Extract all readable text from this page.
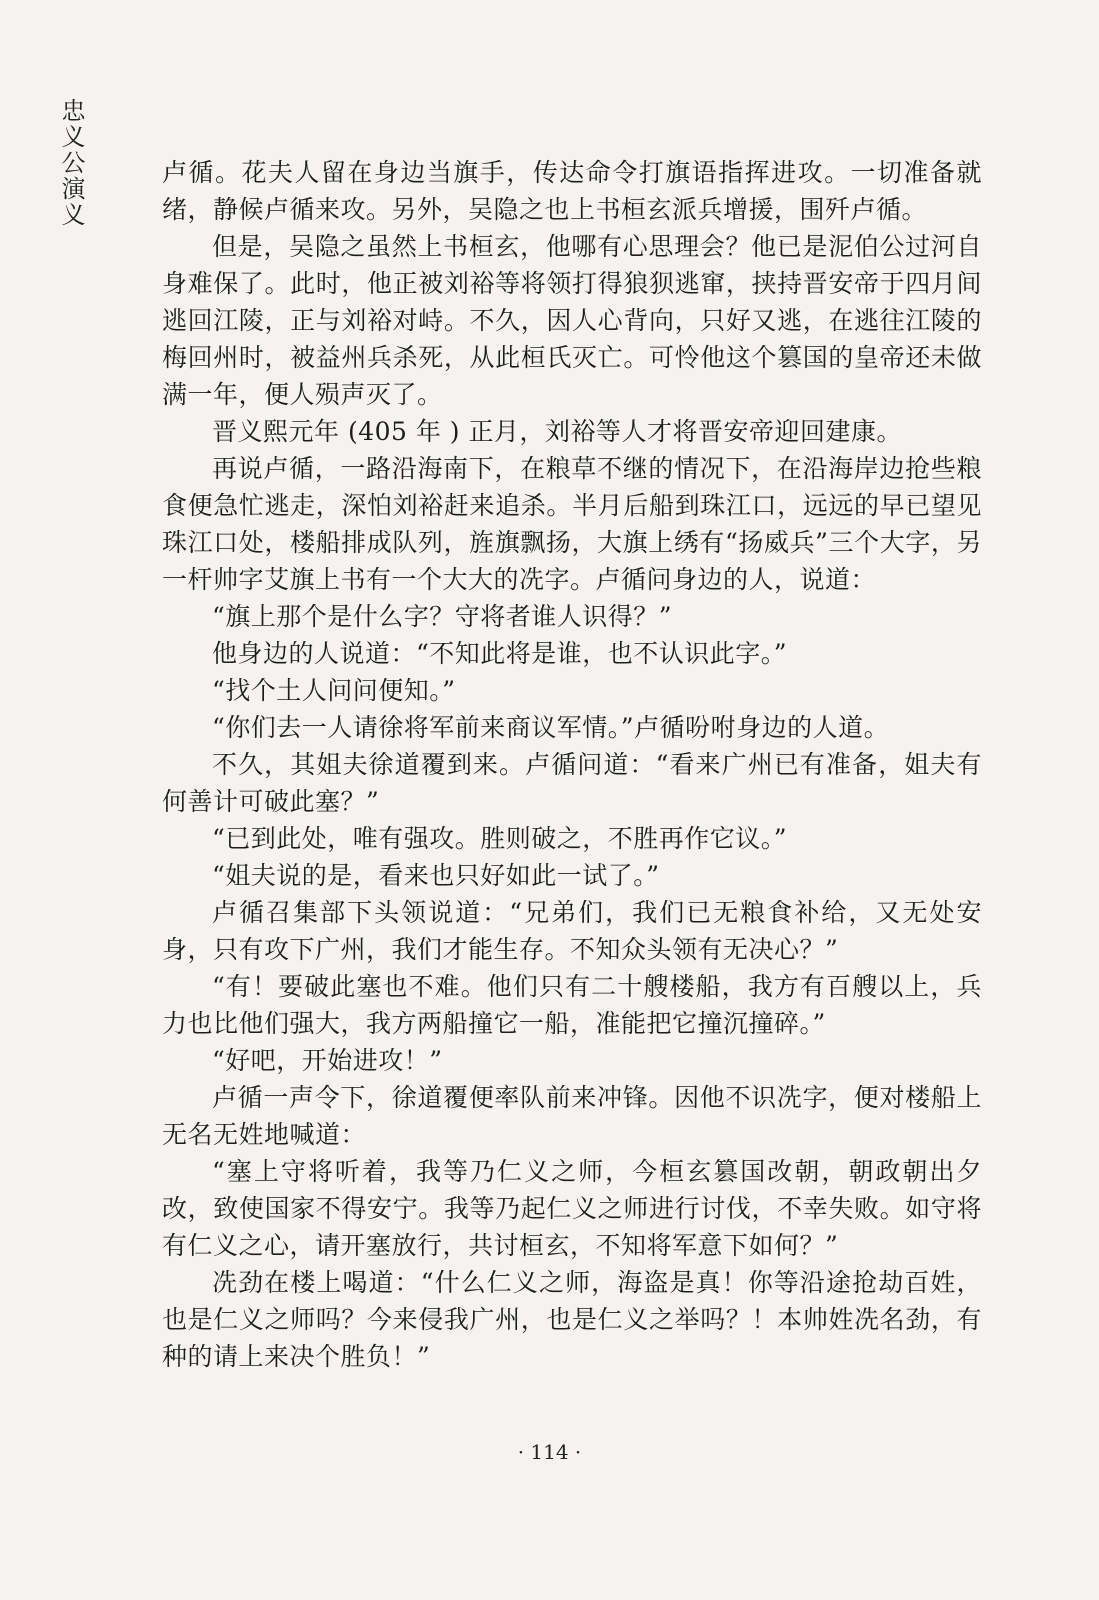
忠义公演义	卢循。花夫人留在身边当旗手，传达命令打旗语指挥进攻。一切准备就绪，静候卢循来攻。另外，吴隐之也上书桓玄派兵增援，围歼卢循。

但是，吴隐之虽然上书桓玄，他哪有心思理会？他已是泥伯公过河自身难保了。此时，他正被刘裕等将领打得狼狈逃窜，挟持晋安帝于四月间逃回江陵，正与刘裕对峙。不久，因人心背向，只好又逃，在逃往江陵的梅回州时，被益州兵杀死，从此桓氏灭亡。可怜他这个篡国的皇帝还未做满一年，便人殒声灭了。

晋义熙元年 (405 年 ) 正月，刘裕等人才将晋安帝迎回建康。

再说卢循，一路沿海南下，在粮草不继的情况下，在沿海岸边抢些粮食便急忙逃走，深怕刘裕赶来追杀。半月后船到珠江口，远远的早已望见珠江口处，楼船排成队列，旌旗飘扬，大旗上绣有“扬威兵”三个大字，另一杆帅字艾旗上书有一个大大的冼字。卢循问身边的人，说道：

“旗上那个是什么字？守将者谁人识得？”

他身边的人说道：“不知此将是谁，也不认识此字。”

“找个土人问问便知。”

“你们去一人请徐将军前来商议军情。”卢循吩咐身边的人道。

不久，其姐夫徐道覆到来。卢循问道：“看来广州已有准备，姐夫有何善计可破此塞？”

“已到此处，唯有强攻。胜则破之，不胜再作它议。”

“姐夫说的是，看来也只好如此一试了。”

卢循召集部下头领说道：“兄弟们，我们已无粮食补给，又无处安身，只有攻下广州，我们才能生存。不知众头领有无决心？”

“有！要破此塞也不难。他们只有二十艘楼船，我方有百艘以上，兵力也比他们强大，我方两船撞它一船，准能把它撞沉撞碎。”

“好吧，开始进攻！”

卢循一声令下，徐道覆便率队前来冲锋。因他不识冼字，便对楼船上无名无姓地喊道：

“塞上守将听着，我等乃仁义之师，今桓玄篡国改朝，朝政朝出夕改，致使国家不得安宁。我等乃起仁义之师进行讨伐，不幸失败。如守将有仁义之心，请开塞放行，共讨桓玄，不知将军意下如何？”

冼劲在楼上喝道：“什么仁义之师，海盗是真！你等沿途抢劫百姓，也是仁义之师吗？今来侵我广州，也是仁义之举吗？！本帅姓冼名劲，有种的请上来决个胜负！”

· 114 ·
